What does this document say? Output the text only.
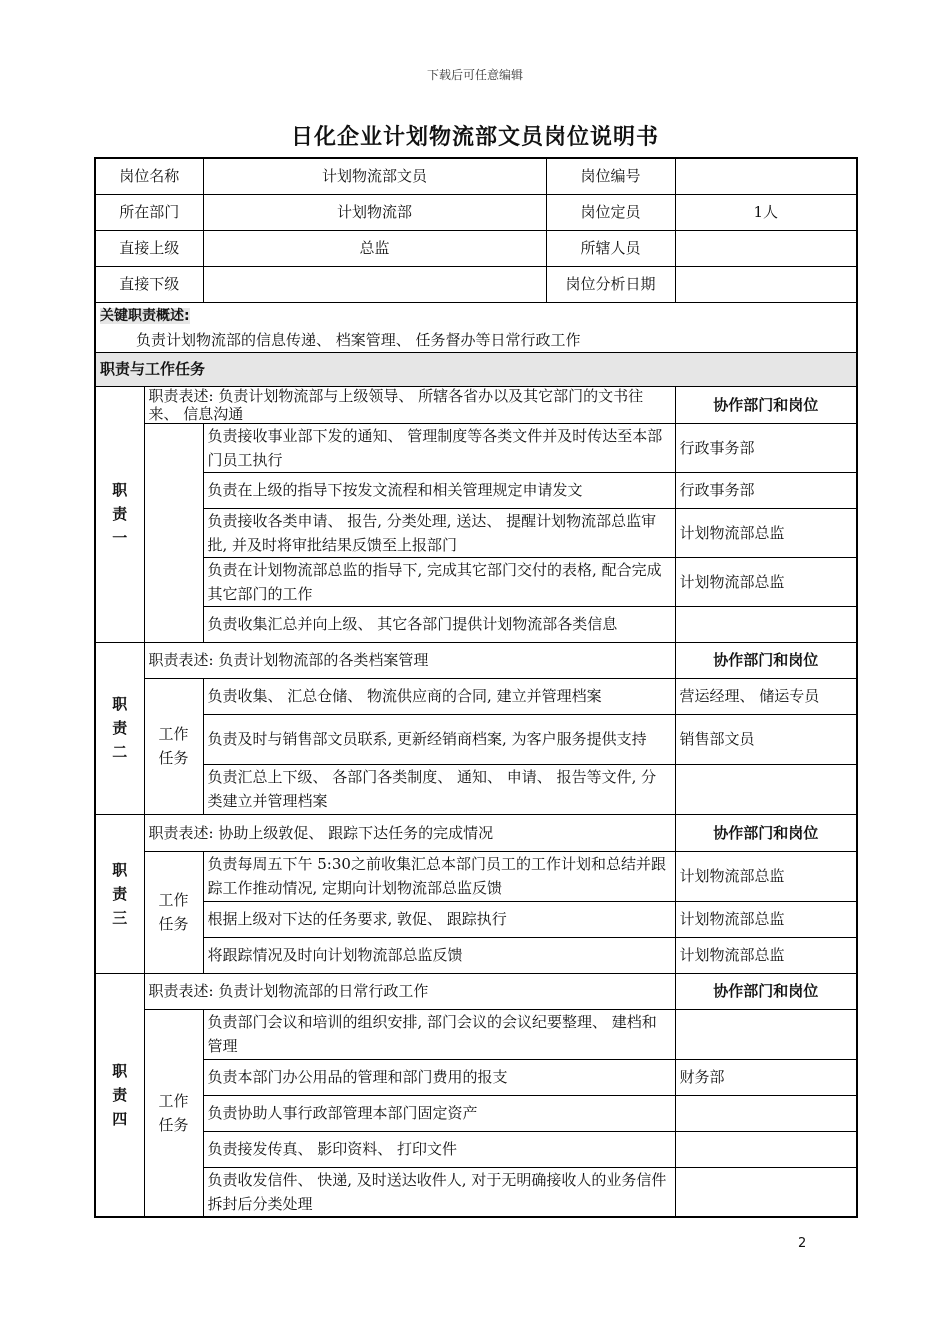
下载后可任意编辑
日化企业计划物流部文员岗位说明书
岗位名称		计划物流部文员	岗位编号	
所在部门		计划物流部	岗位定员	1人
直接上级		总监	所辖人员	
直接下级			岗位分析日期	

关键职责概述:
负责计划物流部的信息传递、 档案管理、 任务督办等日常行政工作				

职责与工作任务				
职责一	职责表述: 负责计划物流部与上级领导、 所辖各省办以及其它部门的文书往来、 信息沟通			协作部门和岗位
		负责接收事业部下发的通知、 管理制度等各类文件并及时传达至本部门员工执行		行政事务部
		负责在上级的指导下按发文流程和相关管理规定申请发文		行政事务部
		负责接收各类申请、 报告, 分类处理, 送达、 提醒计划物流部总监审批, 并及时将审批结果反馈至上报部门		计划物流部总监
		负责在计划物流部总监的指导下, 完成其它部门交付的表格, 配合完成其它部门的工作		计划物流部总监
		负责收集汇总并向上级、 其它各部门提供计划物流部各类信息		
职责二	职责表述: 负责计划物流部的各类档案管理			协作部门和岗位
	工作任务	负责收集、 汇总仓储、 物流供应商的合同, 建立并管理档案		营运经理、 储运专员
		负责及时与销售部文员联系, 更新经销商档案, 为客户服务提供支持		销售部文员
		负责汇总上下级、 各部门各类制度、 通知、 申请、 报告等文件, 分类建立并管理档案		
职责三	职责表述: 协助上级敦促、 跟踪下达任务的完成情况			协作部门和岗位
	工作任务	负责每周五下午 5:30之前收集汇总本部门员工的工作计划和总结并跟踪工作推动情况, 定期向计划物流部总监反馈		计划物流部总监
		根据上级对下达的任务要求, 敦促、 跟踪执行		计划物流部总监
		将跟踪情况及时向计划物流部总监反馈		计划物流部总监
职责四	职责表述: 负责计划物流部的日常行政工作			协作部门和岗位
	工作任务	负责部门会议和培训的组织安排, 部门会议的会议纪要整理、 建档和管理		
		负责本部门办公用品的管理和部门费用的报支		财务部
		负责协助人事行政部管理本部门固定资产		
		负责接发传真、 影印资料、 打印文件		
		负责收发信件、 快递, 及时送达收件人, 对于无明确接收人的业务信件拆封后分类处理		
2
